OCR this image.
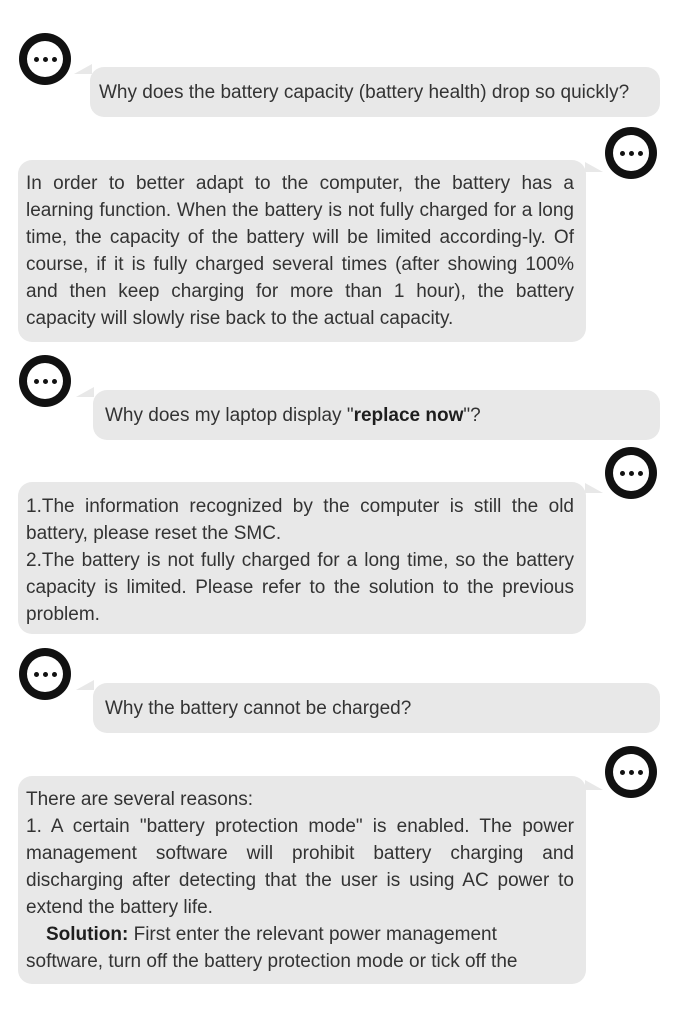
Why does the battery capacity (battery health) drop so quickly?

In order to better adapt to the computer, the battery has a learning function. When the battery is not fully charged for a long time, the capacity of the battery will be limited according-ly. Of course, if it is fully charged several times (after showing 100% and then keep charging for more than 1 hour), the battery capacity will slowly rise back to the actual capacity.

Why does my laptop display " replace now "?

1.The information recognized by the computer is still the old battery, please reset the SMC.

2.The battery is not fully charged for a long time, so the battery capacity is limited. Please refer to the solution to the previous problem.

Why the battery cannot be charged?

There are several reasons:

1. A certain "battery protection mode" is enabled. The power management software will prohibit battery charging and discharging after detecting that the user is using AC power to extend the battery life.

Solution: First enter the relevant power management software, turn off the battery protection mode or tick off the
